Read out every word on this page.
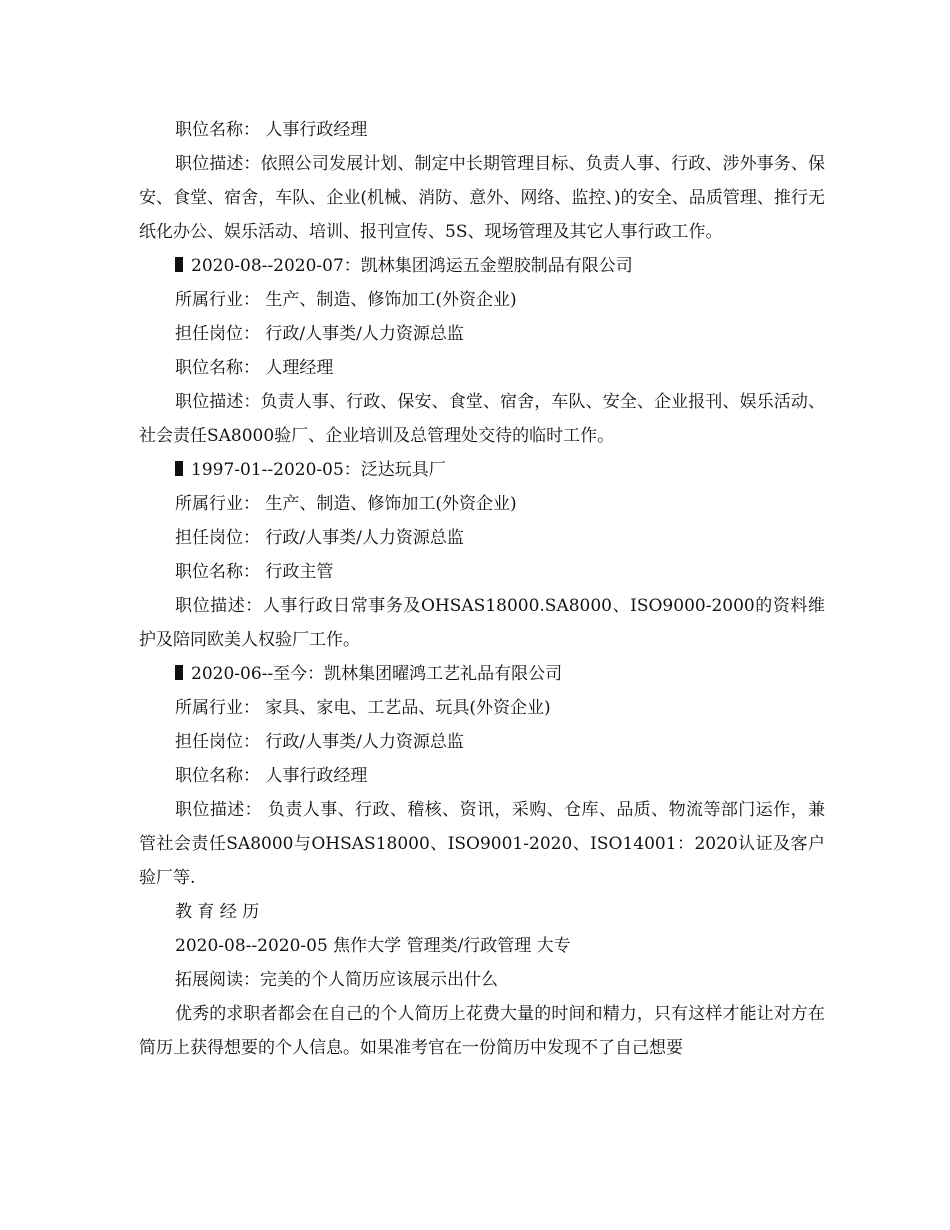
职位名称： 人事行政经理

职位描述：依照公司发展计划、制定中长期管理目标、负责人事、行政、涉外事务、保安、食堂、宿舍，车队、企业(机械、消防、意外、网络、监控、)的安全、品质管理、推行无纸化办公、娱乐活动、培训、报刊宣传、5S、现场管理及其它人事行政工作。

2020-08--2020-07：凯林集团鸿运五金塑胶制品有限公司

所属行业： 生产、制造、修饰加工(外资企业)

担任岗位： 行政/人事类/人力资源总监

职位名称： 人理经理

职位描述：负责人事、行政、保安、食堂、宿舍，车队、安全、企业报刊、娱乐活动、社会责任SA8000验厂、企业培训及总管理处交待的临时工作。

1997-01--2020-05：泛达玩具厂

所属行业： 生产、制造、修饰加工(外资企业)

担任岗位： 行政/人事类/人力资源总监

职位名称： 行政主管

职位描述：人事行政日常事务及OHSAS18000.SA8000、ISO9000-2000的资料维护及陪同欧美人权验厂工作。

2020-06--至今：凯林集团曜鸿工艺礼品有限公司

所属行业： 家具、家电、工艺品、玩具(外资企业)

担任岗位： 行政/人事类/人力资源总监

职位名称： 人事行政经理

职位描述： 负责人事、行政、稽核、资讯，采购、仓库、品质、物流等部门运作，兼管社会责任SA8000与OHSAS18000、ISO9001-2020、ISO14001：2020认证及客户验厂等.

教 育 经 历

2020-08--2020-05 焦作大学 管理类/行政管理 大专

拓展阅读：完美的个人简历应该展示出什么

优秀的求职者都会在自己的个人简历上花费大量的时间和精力，只有这样才能让对方在简历上获得想要的个人信息。如果准考官在一份简历中发现不了自己想要
